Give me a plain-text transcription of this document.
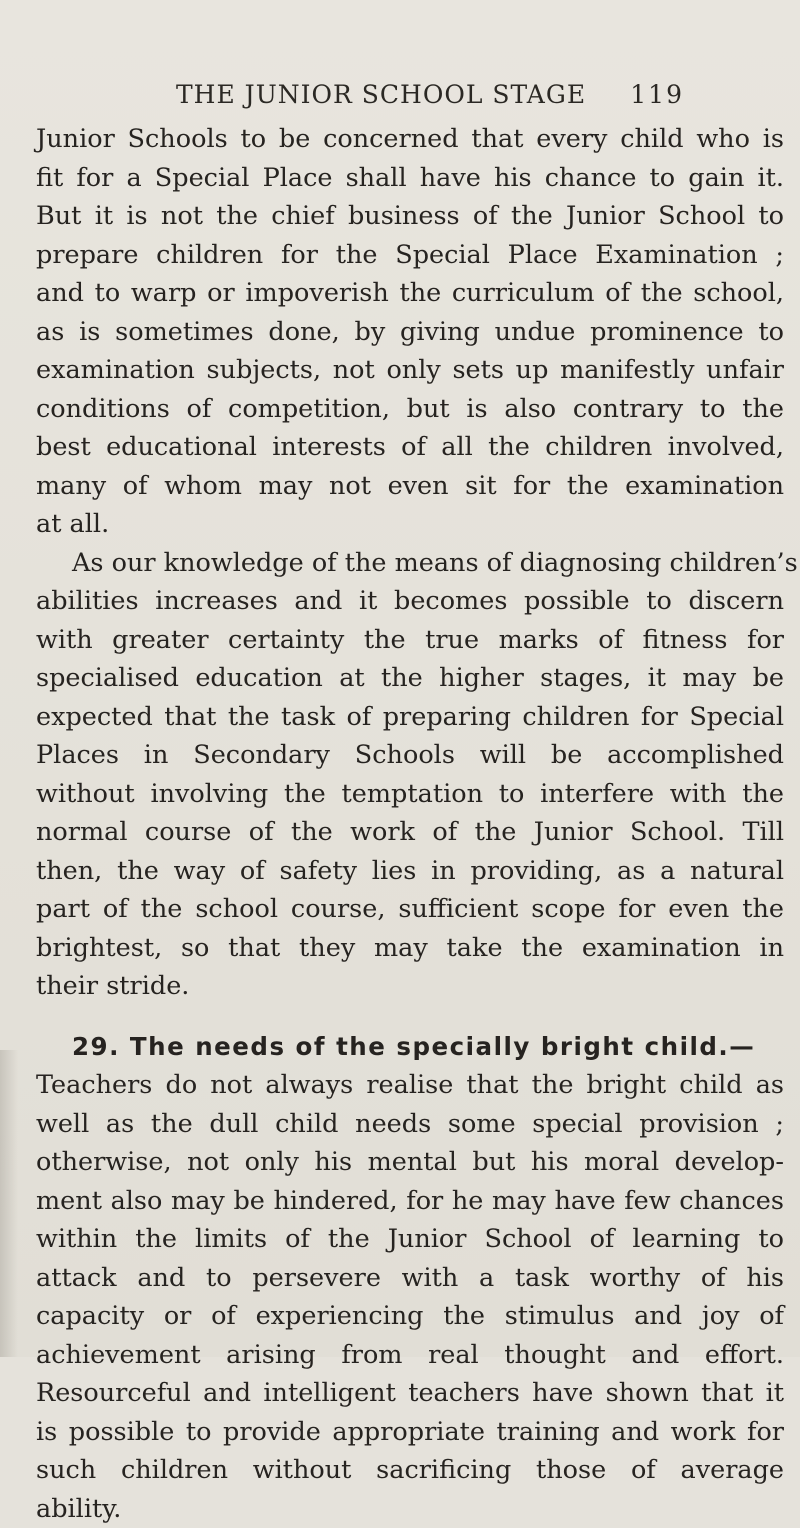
THE JUNIOR SCHOOL STAGE	119
Junior Schools to be concerned that every child who is
fit for a Special Place shall have his chance to gain it.
But it is not the chief business of the Junior School to
prepare children for the Special Place Examination ;
and to warp or impoverish the curriculum of the school,
as is sometimes done, by giving undue prominence to
examination subjects, not only sets up manifestly unfair
conditions of competition, but is also contrary to the
best educational interests of all the children involved,
many of whom may not even sit for the examination
at all.
As our knowledge of the means of diagnosing children’s
abilities increases and it becomes possible to discern
with greater certainty the true marks of fitness for
specialised education at the higher stages, it may be
expected that the task of preparing children for Special
Places in Secondary Schools will be accomplished
without involving the temptation to interfere with the
normal course of the work of the Junior School. Till
then, the way of safety lies in providing, as a natural
part of the school course, sufficient scope for even the
brightest, so that they may take the examination in
their stride.
29. The needs of the specially bright child.—
Teachers do not always realise that the bright child as
well as the dull child needs some special provision ;
otherwise, not only his mental but his moral develop-
ment also may be hindered, for he may have few chances
within the limits of the Junior School of learning to
attack and to persevere with a task worthy of his
capacity or of experiencing the stimulus and joy of
achievement arising from real thought and effort.
Resourceful and intelligent teachers have shown that it
is possible to provide appropriate training and work for
such children without sacrificing those of average
ability.
